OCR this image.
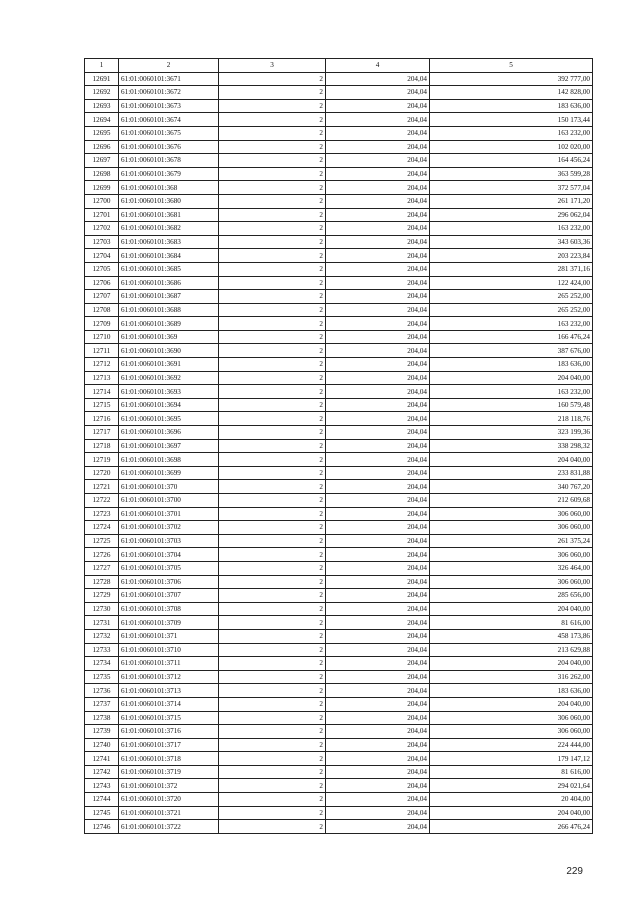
1	2	3	4	5
12691	61:01:0060101:3671	2	204,04	392 777,00
12692	61:01:0060101:3672	2	204,04	142 828,00
12693	61:01:0060101:3673	2	204,04	183 636,00
12694	61:01:0060101:3674	2	204,04	150 173,44
12695	61:01:0060101:3675	2	204,04	163 232,00
12696	61:01:0060101:3676	2	204,04	102 020,00
12697	61:01:0060101:3678	2	204,04	164 456,24
12698	61:01:0060101:3679	2	204,04	363 599,28
12699	61:01:0060101:368	2	204,04	372 577,04
12700	61:01:0060101:3680	2	204,04	261 171,20
12701	61:01:0060101:3681	2	204,04	296 062,04
12702	61:01:0060101:3682	2	204,04	163 232,00
12703	61:01:0060101:3683	2	204,04	343 603,36
12704	61:01:0060101:3684	2	204,04	203 223,84
12705	61:01:0060101:3685	2	204,04	281 371,16
12706	61:01:0060101:3686	2	204,04	122 424,00
12707	61:01:0060101:3687	2	204,04	265 252,00
12708	61:01:0060101:3688	2	204,04	265 252,00
12709	61:01:0060101:3689	2	204,04	163 232,00
12710	61:01:0060101:369	2	204,04	166 476,24
12711	61:01:0060101:3690	2	204,04	387 676,00
12712	61:01:0060101:3691	2	204,04	183 636,00
12713	61:01:0060101:3692	2	204,04	204 040,00
12714	61:01:0060101:3693	2	204,04	163 232,00
12715	61:01:0060101:3694	2	204,04	160 579,48
12716	61:01:0060101:3695	2	204,04	218 118,76
12717	61:01:0060101:3696	2	204,04	323 199,36
12718	61:01:0060101:3697	2	204,04	338 298,32
12719	61:01:0060101:3698	2	204,04	204 040,00
12720	61:01:0060101:3699	2	204,04	233 831,88
12721	61:01:0060101:370	2	204,04	340 767,20
12722	61:01:0060101:3700	2	204,04	212 609,68
12723	61:01:0060101:3701	2	204,04	306 060,00
12724	61:01:0060101:3702	2	204,04	306 060,00
12725	61:01:0060101:3703	2	204,04	261 375,24
12726	61:01:0060101:3704	2	204,04	306 060,00
12727	61:01:0060101:3705	2	204,04	326 464,00
12728	61:01:0060101:3706	2	204,04	306 060,00
12729	61:01:0060101:3707	2	204,04	285 656,00
12730	61:01:0060101:3708	2	204,04	204 040,00
12731	61:01:0060101:3709	2	204,04	81 616,00
12732	61:01:0060101:371	2	204,04	458 173,86
12733	61:01:0060101:3710	2	204,04	213 629,88
12734	61:01:0060101:3711	2	204,04	204 040,00
12735	61:01:0060101:3712	2	204,04	316 262,00
12736	61:01:0060101:3713	2	204,04	183 636,00
12737	61:01:0060101:3714	2	204,04	204 040,00
12738	61:01:0060101:3715	2	204,04	306 060,00
12739	61:01:0060101:3716	2	204,04	306 060,00
12740	61:01:0060101:3717	2	204,04	224 444,00
12741	61:01:0060101:3718	2	204,04	179 147,12
12742	61:01:0060101:3719	2	204,04	81 616,00
12743	61:01:0060101:372	2	204,04	294 021,64
12744	61:01:0060101:3720	2	204,04	20 404,00
12745	61:01:0060101:3721	2	204,04	204 040,00
12746	61:01:0060101:3722	2	204,04	266 476,24
229
